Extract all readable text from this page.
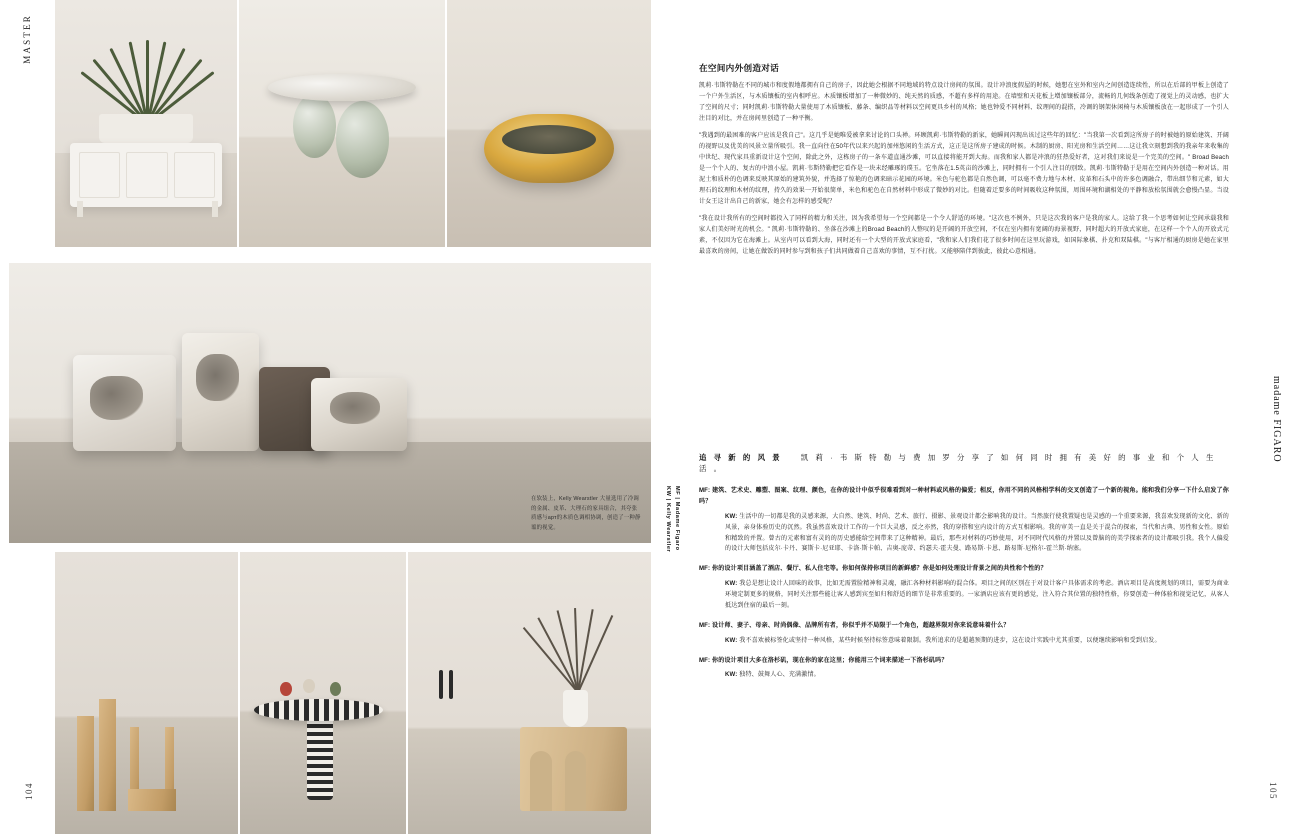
MASTER
104
在软装上，Kelly Wearstler 大量选用了冷调的金属、皮革、大理石的家具组合，其夸张质感与арт的木质色调相协调，创造了一种静谧的视觉。
madame FIGARO
105
在空间内外创造对话

凯莉·韦斯特勒在不同的城市和度假地都拥有自己的房子，因此她会根据不同地域的特点设计房间的氛围。设计冲浪度假屋的时候，她想在室外和室内之间创造连续性，所以在后部的甲板上创造了一个户外生活区，与木质镶板的室内相呼应。木质镶板增加了一种微妙的、纯天然的质感，不超有多样的用途。在墙壁和天花板上增加镶板部分，流畅的几何线条创造了视觉上的灵动感，也扩大了空间的尺寸；同时凯莉·韦斯特勒大量使用了木质镶板、藤条、编织品等材料以空间更具乡村的风格；她也钟爱不同材料、纹理间的混搭，冷调的钢架休闲椅与木质镶板放在一起形成了一个引人注目的对比，并在房间里创造了一种平衡。

"我遇到的最困难的客户应该是我自己"。这几乎是她唯爱被拿来讨论的口头禅。环顾凯莉·韦斯特勒的新家，她瞬间闪现出该过这些年的回忆："当我第一次看到这所房子的时被她的原始建筑、开阔的视野以及优美的风景立量所吸引。我一直向往在50年代以来兴起的加州悠闲的生活方式，这正是这所房子建成的时候。木制的厨房、阳光房和生活空间……这让我立刻想到我的我亲年来收集的中世纪、现代家具重新设计这个空间，除此之外，这栋房子的一条车道直通沙滩，可以直接将能开到大海。而我和家人都是冲浪的狂热爱好者，这对我们来说是一个完美的空间。" Broad Beach 是一个个人的、复古的中浪小屋。凯莉·韦斯特勒把它看作是一块未经雕琢的璞玉。它坐落在1.5英亩的沙滩上，同时拥有一个引人注目的别致。凯莉·韦斯特勒于是用在空间内外创造一种对话。用泥土和质朴的色调来反映其原始的建筑外貌，并选择了惊艳的色调来暗示花园的环境。米色与驼色都是自然色调，可以毫不费力地与木材、皮革和石头中的许多色调融合，带出细节和元素，如大理石的纹理和木材的纹理，持久的效果一开始很简单，米色和驼色在自然材料中形成了微妙的对比。但随着迁要多的时间吸收这种氛围，周围环境和湖相处的平静和放松氛围就会愈慢凸显。当设计女王这计出自己的新家，她会有怎样的感受呢？

"我在设计我所有的空间时都投入了同样的精力和关注，因为我希望每一个空间都是一个令人舒适的环境。"这次也不例外，只是这次我的客户是我的家人。这给了我一个思考如何让空间承载我和家人们美好时光的机会。" 凯莉·韦斯特勒的、坐落在沙滩上的Broad Beach的人整叹的是开阔的开放空间，不仅在室内拥有宽阔的海景视野，同时超大的开放式家庭，在这样一个个人的开放式元素，不仅因为它在海滩上。从室内可以看到大海，同时还有一个大型的开放式家庭看，"我和家人们我们花了很多时间在这里玩游戏，如国际象棋、扑克和双陆棋。"与客厅相通的厨房是她在家里最喜欢的房间，让她在做饭的同时参与到和孩子们共同做着自己喜欢的事情，互不打扰。又能够陪伴到彼此，彼此心意相通。

追 寻 新 的 风 景	凯 莉 · 韦 斯 特 勒 与 费 加 罗 分 享 了 如 何 同 时 拥 有 美 好 的 事 业 和 个 人 生 活 。
MF | Madame Figaro
KW | Kelly Wearstler	MF: 建筑、艺术史、雕塑、图案、纹理、颜色，在你的设计中似乎很难看到对一种材料或风格的偏爱；相反，你用不同的风格相学科的交叉创造了一个新的视角。能和我们分享一下什么启发了你吗？
KW: 生活中的一切都是我的灵感来源，大自然、建筑、时尚、艺术、旅行、摄影、景观设计都会影响我的设计。当然旅行使我置疑也是灵感的一个重要来源，我喜欢发现新的文化、新的风景，亲身体验历史的沉然。我虽然喜欢设计工作的一个巨大灵感，反之亦然，我的穿搭和室内设计的方式互相影响。我的审美一直是关于混合的探索，当代和古典、男性和女性。原始和精致的并置。曾古的元素和富有灵的的历史感能给空间带来了这种精神。最后，那些对材料的巧妙使用，对不同时代风格的并置以及曾脑的的美学探索者的设计都吸引我。我个人偏爱的设计大师包括皮尔·卡丹、赛斯卡·尼亚耶、卡洛·斯卡帕、吉奥-庞蒂、约瑟夫·霍夫曼、路易斯·卡恩、路易斯·尼格尔-霍兰斯·纳塞。
MF: 你的设计项目涵盖了酒店、餐厅、私人住宅等。你如何保持你项目的新鲜感？你是如何处理设计背景之间的共性和个性的？
KW: 我总是想让设计人回味的故事，比如无需置脸精神和灵魂，融汇各种材料影响的混合体。项目之间的区别在于对设计客户具体需求的考虑。酒店项目是高度规划的项目，需要为商业环境定制更多的规格，同时关注那些能让客人感到宾至如归和舒适的细节是非常重要的。一家酒店应该有更的感觉，注入符合其位置的独特性格，你要创造一种体验和视觉记忆，从客人抵达到住宿的最后一刻。
MF: 设计师、妻子、母亲、时尚偶像、品牌所有者，你似乎并不局限于一个角色，超越界限对你来说意味着什么？
KW: 我不喜欢被标签化或坚持一种风格，某些时候坚持标签意味着限制。我所追求的是超越预期的进步，这在设计实践中尤其重要，以便继续影响和受到启发。
MF: 你的设计项目大多在洛杉矶，现在你的家在这里；你能用三个词来描述一下洛杉矶吗？
KW: 独特、鼓舞人心、充满激情。
